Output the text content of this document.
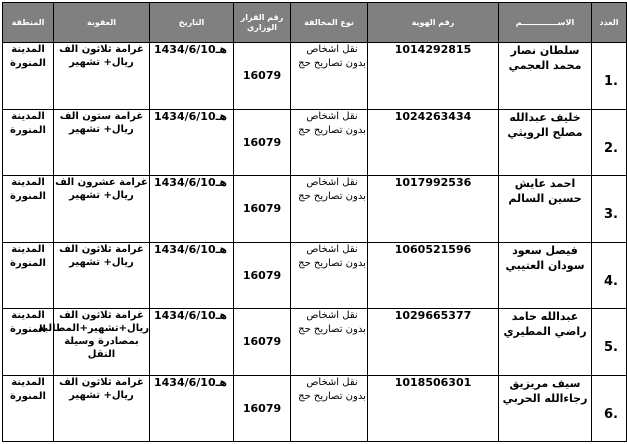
العدد	الاســـــــــــــم	رقم الهوية	نوع المخالفة	رقم القرار الوزاري	التاريخ	العقوبة	المنطقة
1.	سلطان نصار محمد العجمي	1014292815	نقل اشخاص بدون تصاريح حج	16079	1434/6/10هـ	غرامة ثلاثون الف ريال+ تشهير	المدينة المنورة
2.	خليف عبدالله مصلح الرويثي	1024263434	نقل اشخاص بدون تصاريح حج	16079	1434/6/10هـ	غرامة ستون الف ريال+ تشهير	المدينة المنورة
3.	احمد عايش حسين السالم	1017992536	نقل اشخاص بدون تصاريح حج	16079	1434/6/10هـ	غرامة عشرون الف ريال+ تشهير	المدينة المنورة
4.	فيصل سعود سودان العتيبي	1060521596	نقل اشخاص بدون تصاريح حج	16079	1434/6/10هـ	غرامة ثلاثون الف ريال+ تشهير	المدينة المنورة
5.	عبدالله حامد راضي المطيري	1029665377	نقل اشخاص بدون تصاريح حج	16079	1434/6/10هـ	غرامة ثلاثون الف ريال+تشهير+المطالبة بمصادرة وسيلة النقل	المدينة المنورة
6.	سيف مريزيق رجاءالله الحربي	1018506301	نقل اشخاص بدون تصاريح حج	16079	1434/6/10هـ	غرامة ثلاثون الف ريال+ تشهير	المدينة المنورة
